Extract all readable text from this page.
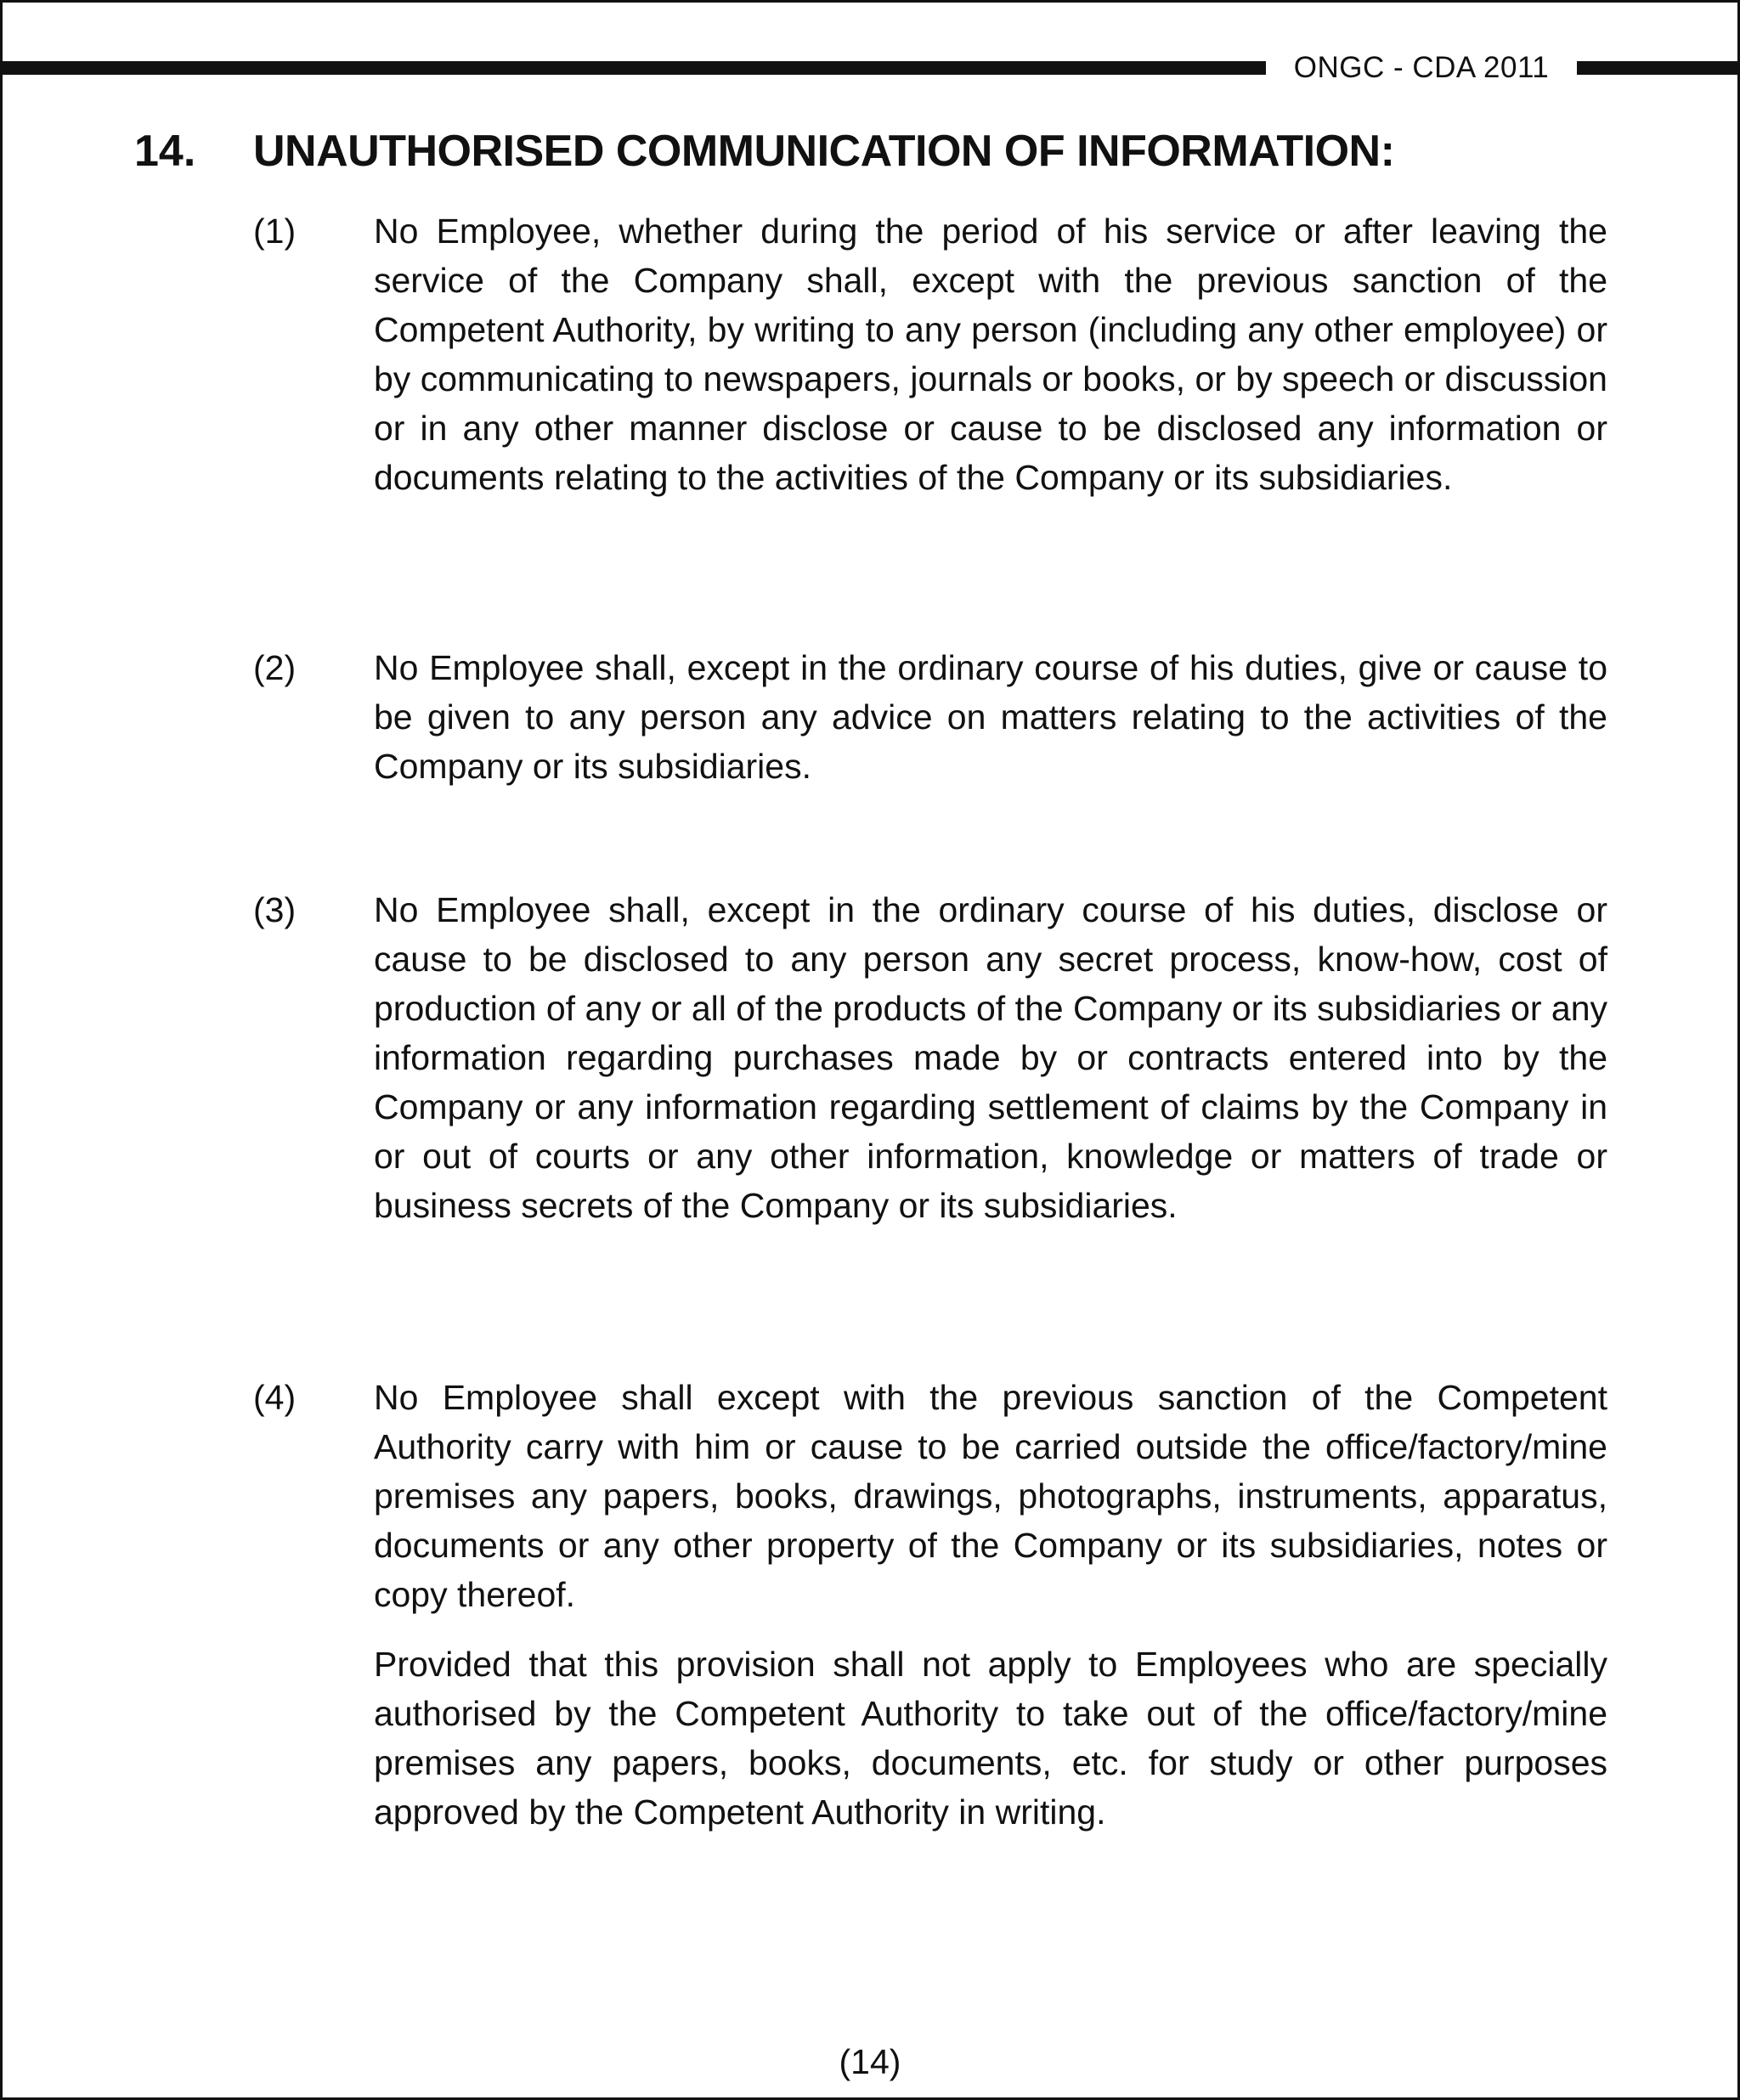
ONGC - CDA 2011
14. UNAUTHORISED COMMUNICATION OF INFORMATION:
(1) No Employee, whether during the period of his service or after leaving the service of the Company shall, except with the previous sanction of the Competent Authority, by writing to any person (including any other employee) or by communicating to newspapers, journals or books, or by speech or discussion or in any other manner disclose or cause to be disclosed any information or documents relating to the activities of the Company or its subsidiaries.
(2) No Employee shall, except in the ordinary course of his duties, give or cause to be given to any person any advice on matters relating to the activities of the Company or its subsidiaries.
(3) No Employee shall, except in the ordinary course of his duties, disclose or cause to be disclosed to any person any secret process, know-how, cost of production of any or all of the products of the Company or its subsidiaries or any information regarding purchases made by or contracts entered into by the Company or any information regarding settlement of claims by the Company in or out of courts or any other information, knowledge or matters of trade or business secrets of the Company or its subsidiaries.
(4) No Employee shall except with the previous sanction of the Competent Authority carry with him or cause to be carried outside the office/factory/mine premises any papers, books, drawings, photographs, instruments, apparatus, documents or any other property of the Company or its subsidiaries, notes or copy thereof.
Provided that this provision shall not apply to Employees who are specially authorised by the Competent Authority to take out of the office/factory/mine premises any papers, books, documents, etc. for study or other purposes approved by the Competent Authority in writing.
(14)
